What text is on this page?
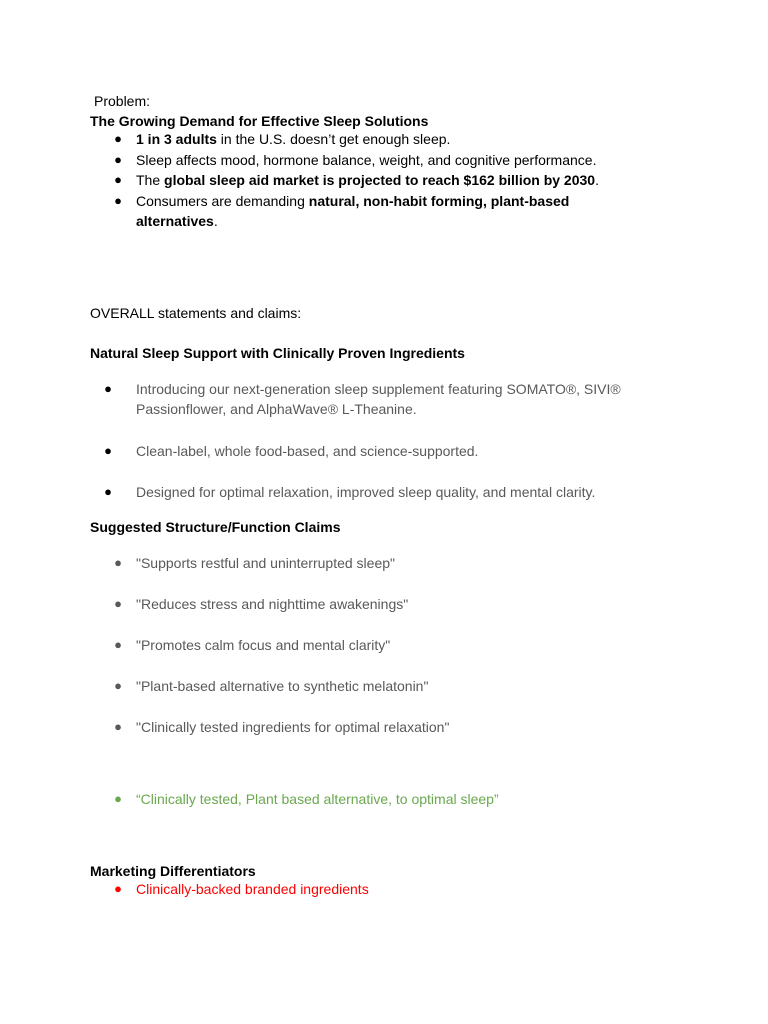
Problem:

The Growing Demand for Effective Sleep Solutions

● 1 in 3 adults in the U.S. doesn’t get enough sleep.
● Sleep affects mood, hormone balance, weight, and cognitive performance.
● The global sleep aid market is projected to reach $162 billion by 2030.
● Consumers are demanding natural, non-habit forming, plant-based
alternatives.

OVERALL statements and claims:

Natural Sleep Support with Clinically Proven Ingredients

● Introducing our next-generation sleep supplement featuring SOMATO®, SIVI®
Passionflower, and AlphaWave® L-Theanine.
● Clean-label, whole food-based, and science-supported.
● Designed for optimal relaxation, improved sleep quality, and mental clarity.

Suggested Structure/Function Claims

● "Supports restful and uninterrupted sleep"
● "Reduces stress and nighttime awakenings"
● "Promotes calm focus and mental clarity"
● "Plant-based alternative to synthetic melatonin"
● "Clinically tested ingredients for optimal relaxation"
● “Clinically tested, Plant based alternative, to optimal sleep”

Marketing Differentiators

● Clinically-backed branded ingredients
